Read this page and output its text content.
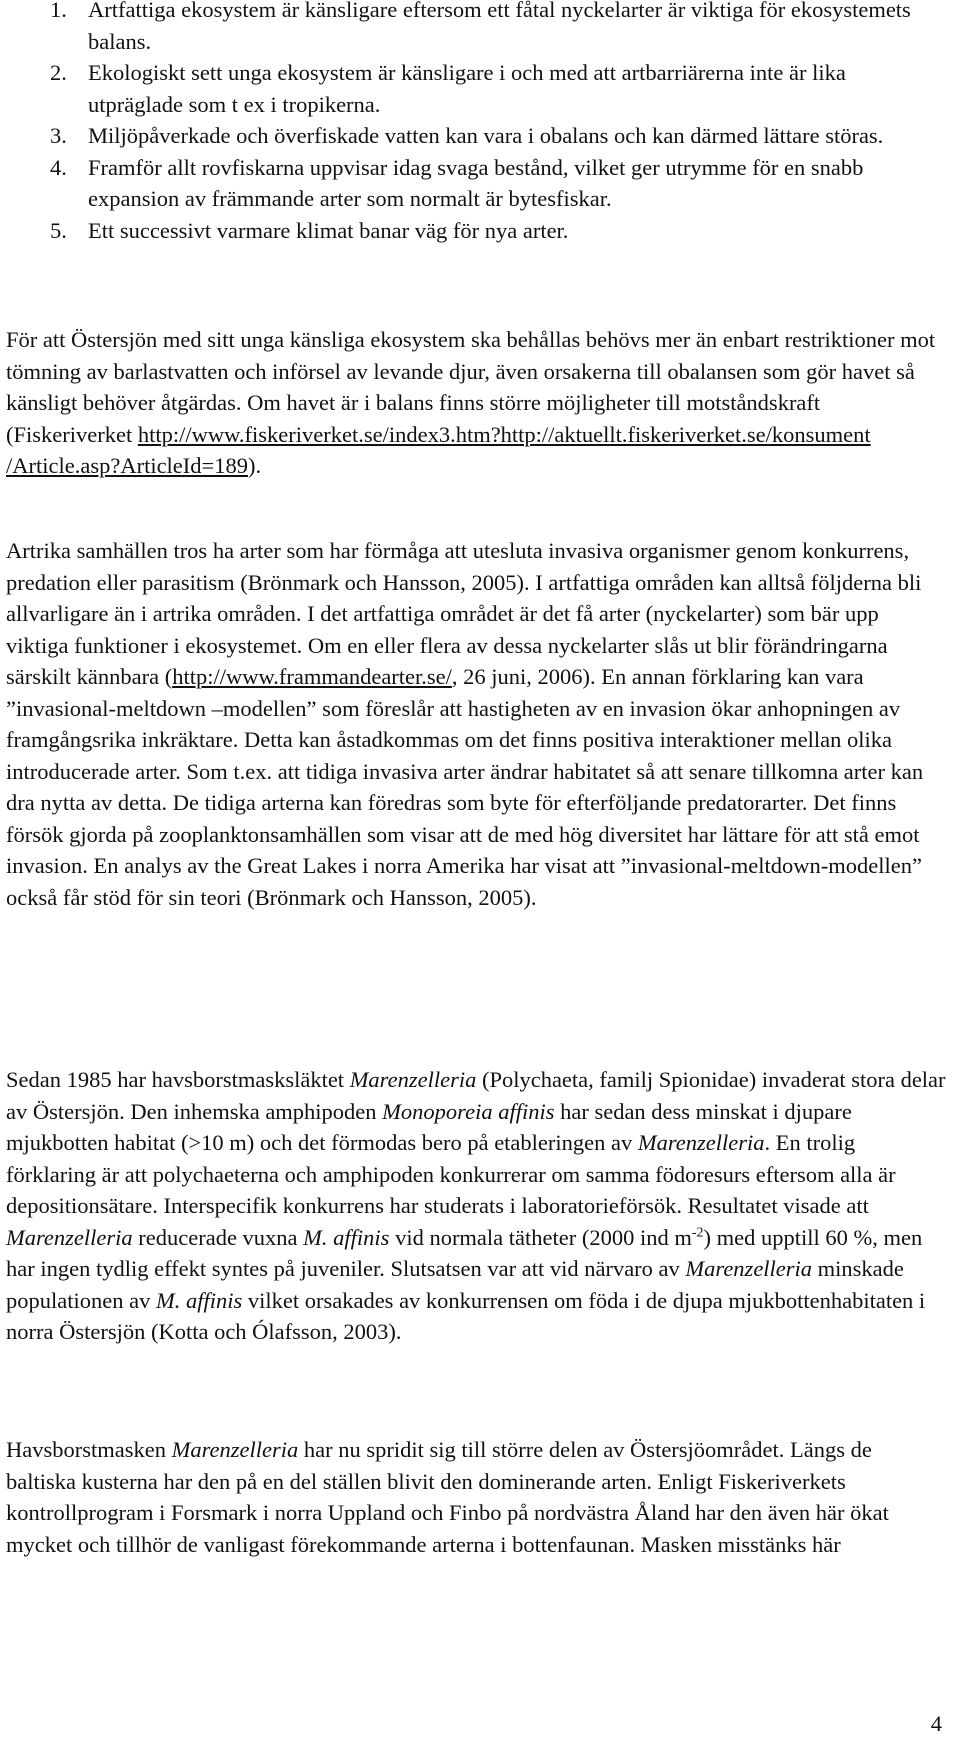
1. Artfattiga ekosystem är känsligare eftersom ett fåtal nyckelarter är viktiga för ekosystemets balans.
2. Ekologiskt sett unga ekosystem är känsligare i och med att artbarriärerna inte är lika utpräglade som t ex i tropikerna.
3. Miljöpåverkade och överfiskade vatten kan vara i obalans och kan därmed lättare störas.
4. Framför allt rovfiskarna uppvisar idag svaga bestånd, vilket ger utrymme för en snabb expansion av främmande arter som normalt är bytesfiskar.
5. Ett successivt varmare klimat banar väg för nya arter.
För att Östersjön med sitt unga känsliga ekosystem ska behållas behövs mer än enbart restriktioner mot tömning av barlastvatten och införsel av levande djur, även orsakerna till obalansen som gör havet så känsligt behöver åtgärdas. Om havet är i balans finns större möjligheter till motståndskraft (Fiskeriverket http://www.fiskeriverket.se/index3.htm?http://aktuellt.fiskeriverket.se/konsument
/Article.asp?ArticleId=189).
Artrika samhällen tros ha arter som har förmåga att utesluta invasiva organismer genom konkurrens, predation eller parasitism (Brönmark och Hansson, 2005). I artfattiga områden kan alltså följderna bli allvarligare än i artrika områden. I det artfattiga området är det få arter (nyckelarter) som bär upp viktiga funktioner i ekosystemet. Om en eller flera av dessa nyckelarter slås ut blir förändringarna särskilt kännbara (http://www.frammandearter.se/, 26 juni, 2006). En annan förklaring kan vara ”invasional-meltdown –modellen” som föreslår att hastigheten av en invasion ökar anhopningen av framgångsrika inkräktare. Detta kan åstadkommas om det finns positiva interaktioner mellan olika introducerade arter. Som t.ex. att tidiga invasiva arter ändrar habitatet så att senare tillkomna arter kan dra nytta av detta. De tidiga arterna kan föredras som byte för efterföljande predatorarter. Det finns försök gjorda på zooplanktonsamhällen som visar att de med hög diversitet har lättare för att stå emot invasion. En analys av the Great Lakes i norra Amerika har visat att ”invasional-meltdown-modellen” också får stöd för sin teori (Brönmark och Hansson, 2005).
Sedan 1985 har havsborstmasksläktet Marenzelleria (Polychaeta, familj Spionidae) invaderat stora delar av Östersjön. Den inhemska amphipoden Monoporeia affinis har sedan dess minskat i djupare mjukbotten habitat (>10 m) och det förmodas bero på etableringen av Marenzelleria. En trolig förklaring är att polychaeterna och amphipoden konkurrerar om samma födoresurs eftersom alla är depositionsätare. Interspecifik konkurrens har studerats i laboratorieförsök. Resultatet visade att Marenzelleria reducerade vuxna M. affinis vid normala tätheter (2000 ind $m^{-2}$) med upptill 60 %, men har ingen tydlig effekt syntes på juveniler. Slutsatsen var att vid närvaro av Marenzelleria minskade populationen av M. affinis vilket orsakades av konkurrensen om föda i de djupa mjukbottenhabitaten i norra Östersjön (Kotta och Ólafsson, 2003).
Havsborstmasken Marenzelleria har nu spridit sig till större delen av Östersjöområdet. Längs de baltiska kusterna har den på en del ställen blivit den dominerande arten. Enligt Fiskeriverkets kontrollprogram i Forsmark i norra Uppland och Finbo på nordvästra Åland har den även här ökat mycket och tillhör de vanligast förekommande arterna i bottenfaunan. Masken misstänks här
4
